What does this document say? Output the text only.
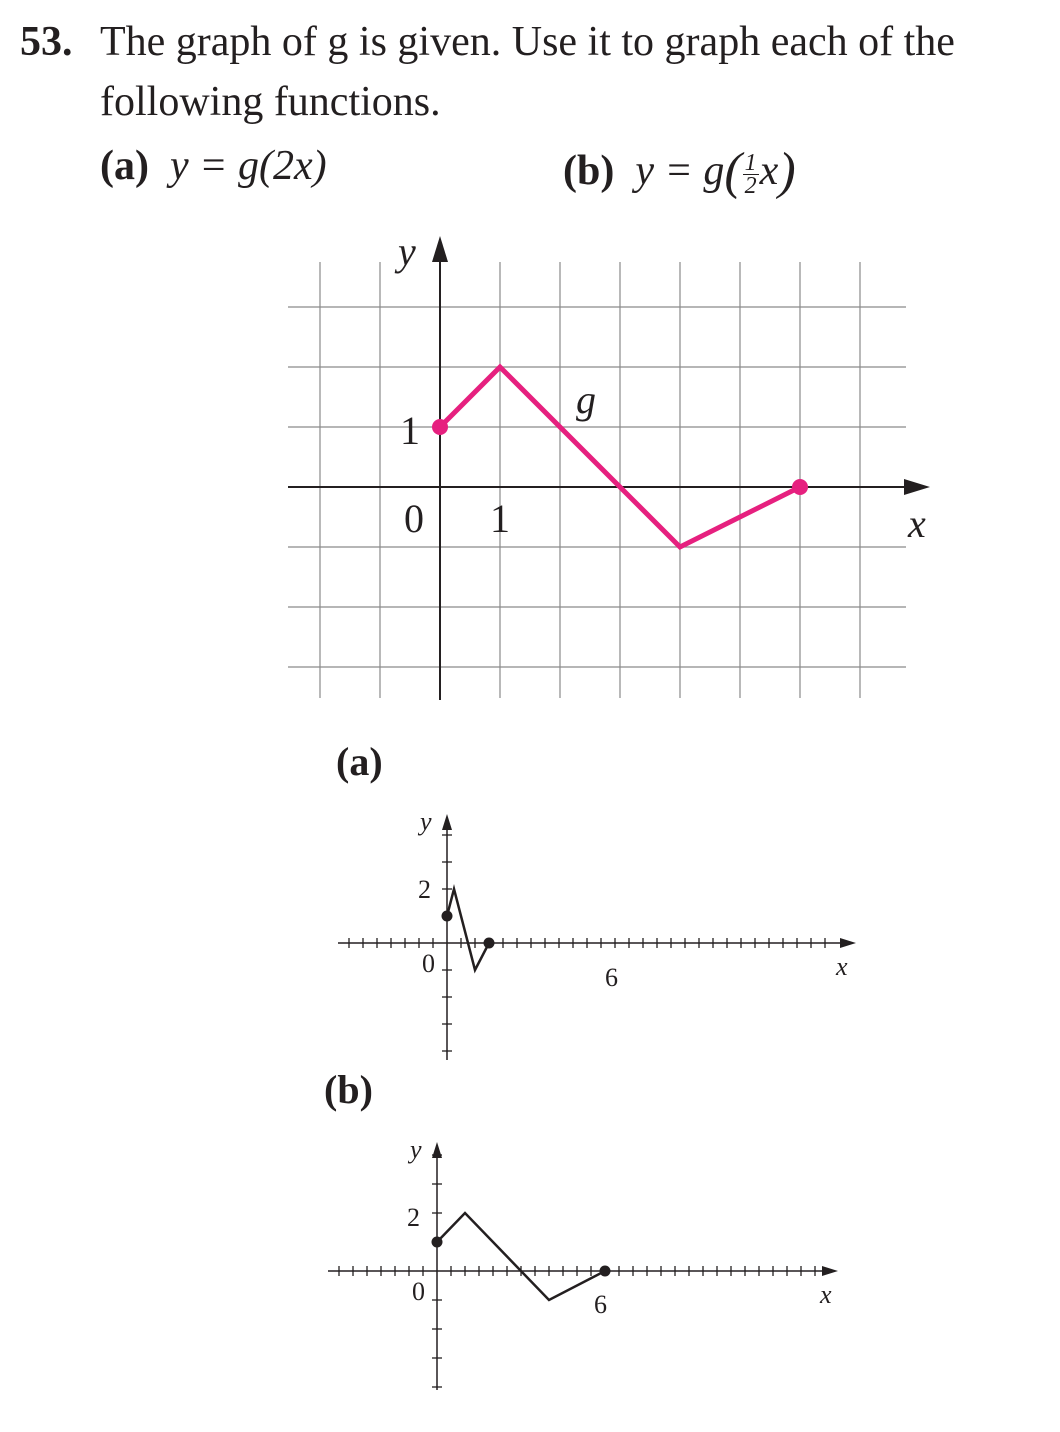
53. The graph of g is given. Use it to graph each of the
following functions.
(a) y = g(2x)	(b) $y = g( \frac{1}{2} x)$
(a)
(b)
y
x
1
0 1
g
y
x
2
0	6
y
x
2
0	6
